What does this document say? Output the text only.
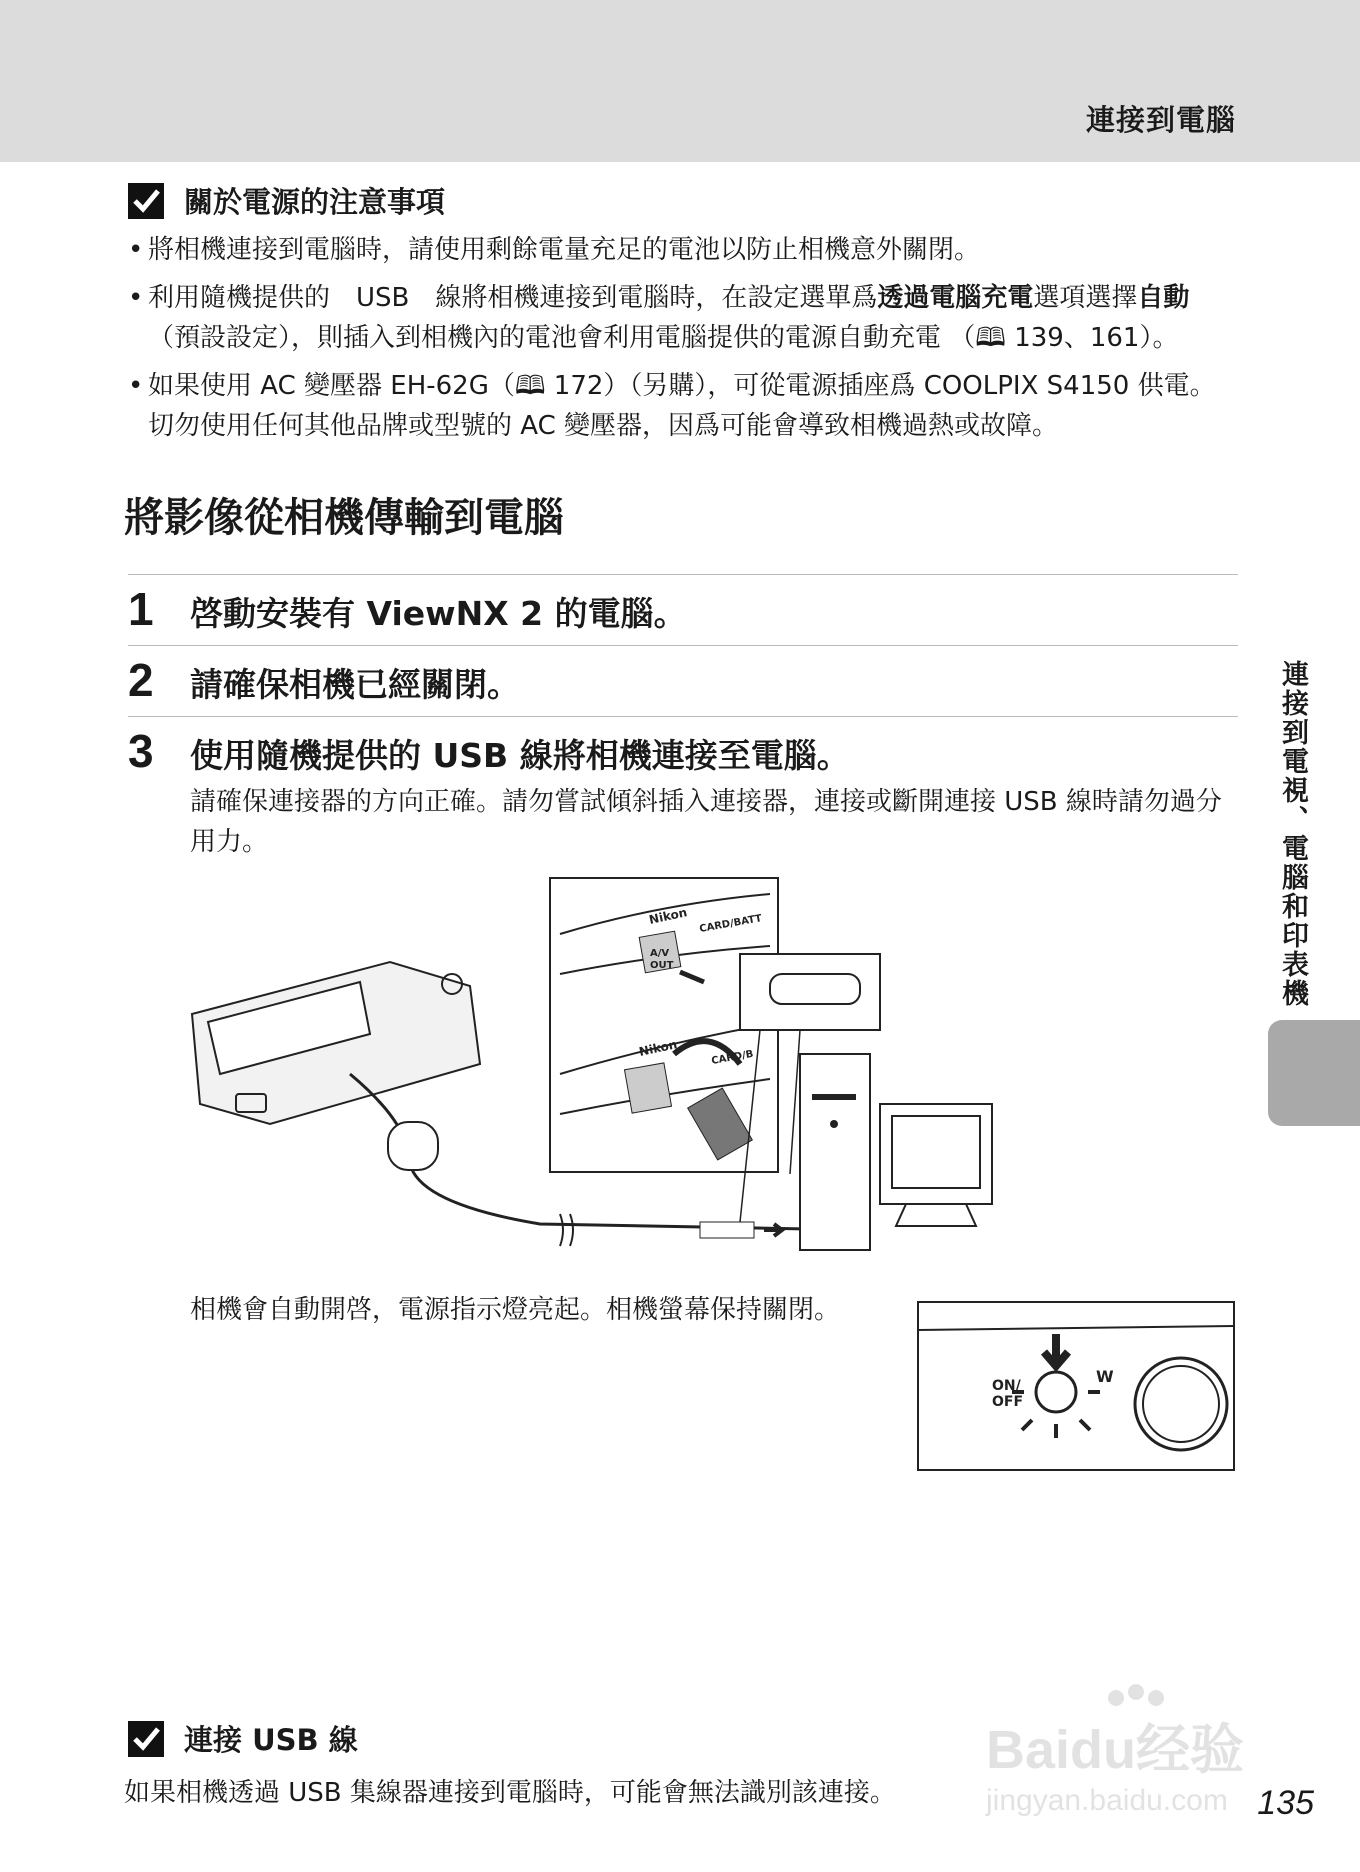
連接到電腦
連接到電視、電腦和印表機
關於電源的注意事項
• 將相機連接到電腦時，請使用剩餘電量充足的電池以防止相機意外關閉。
• 利用隨機提供的　USB　線將相機連接到電腦時，在設定選單爲透過電腦充電選項選擇自動（預設設定），則插入到相機內的電池會利用電腦提供的電源自動充電 （🕮 139、161）。
• 如果使用 AC 變壓器 EH-62G（🕮 172）（另購），可從電源插座爲 COOLPIX S4150 供電。切勿使用任何其他品牌或型號的 AC 變壓器，因爲可能會導致相機過熱或故障。
將影像從相機傳輸到電腦
1	啓動安裝有 ViewNX 2 的電腦。
2	請確保相機已經關閉。
3	使用隨機提供的 USB 線將相機連接至電腦。
請確保連接器的方向正確。請勿嘗試傾斜插入連接器，連接或斷開連接 USB 線時請勿過分用力。
Nikon
A/V
OUT
CARD/BATT
Nikon	CARD/B
相機會自動開啓，電源指示燈亮起。相機螢幕保持關閉。
ON/
OFF
W
連接 USB 線
如果相機透過 USB 集線器連接到電腦時，可能會無法識別該連接。
Baidu经验
jingyan.baidu.com 135
